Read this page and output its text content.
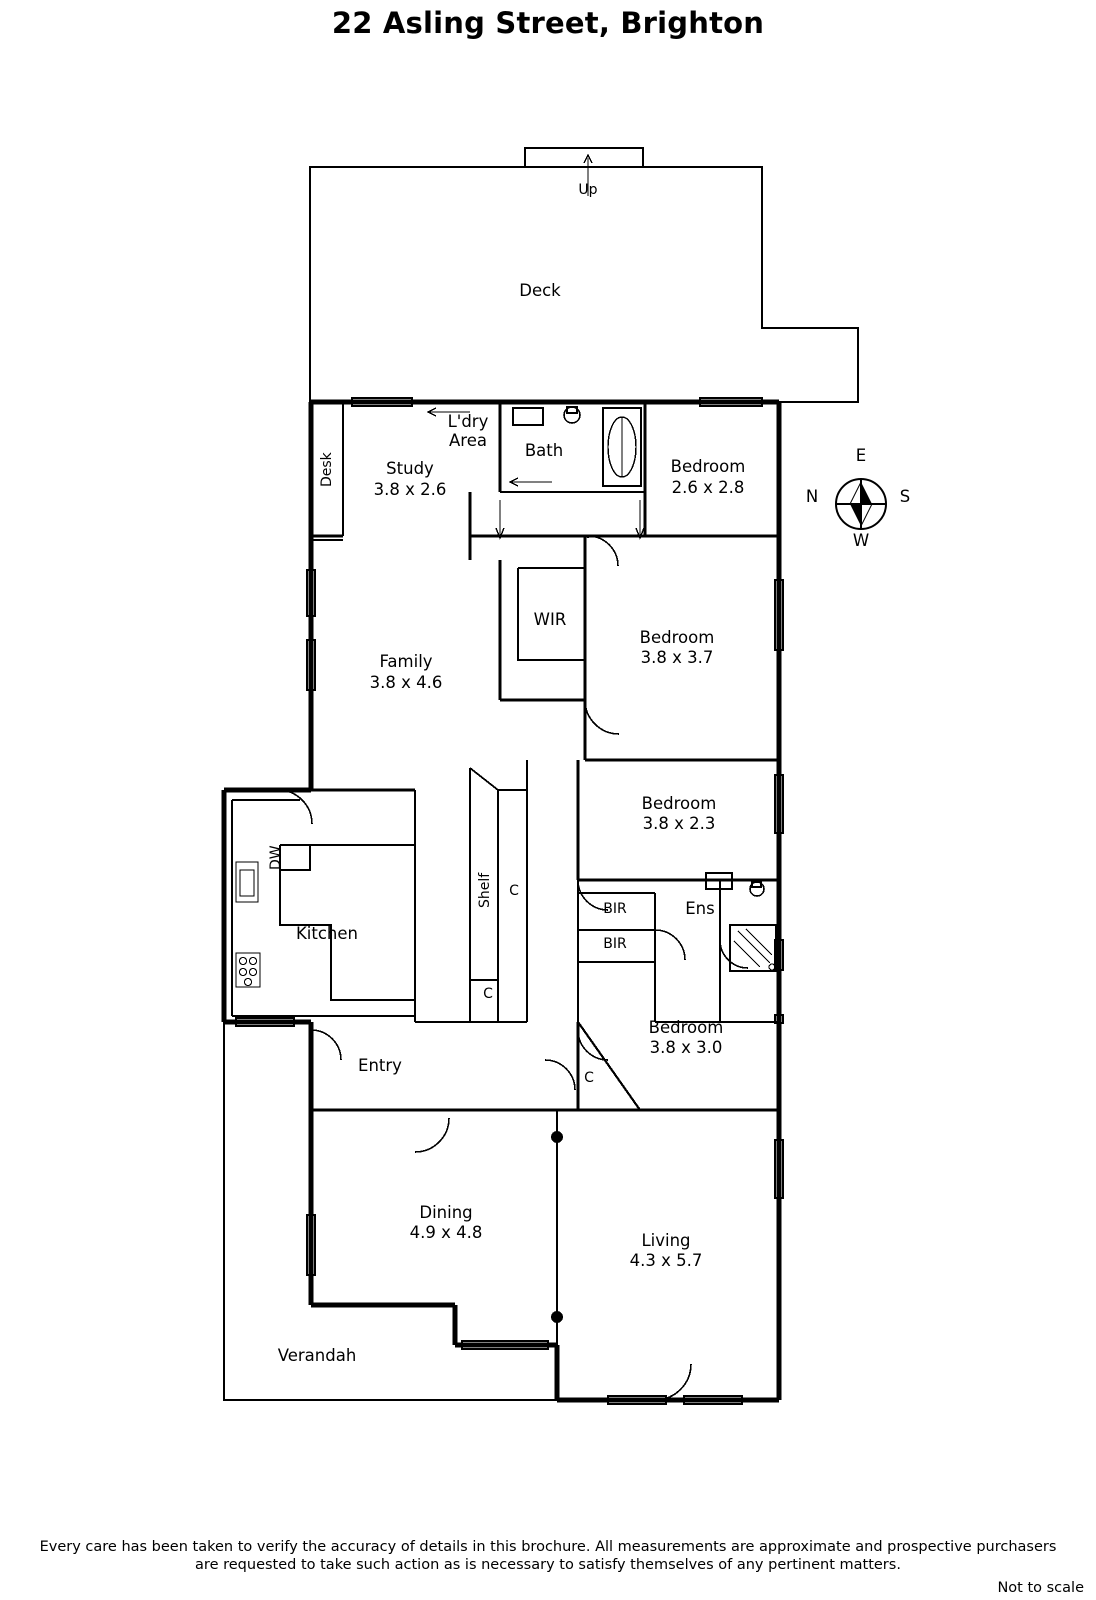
22 Asling Street, Brighton
Deck
Up
L'dry
Area
Bath
Study
3.8 x 2.6
Bedroom
2.6 x 2.8
Desk
WIR
Family
3.8 x 4.6
Bedroom
3.8 x 3.7
Bedroom
3.8 x 2.3
Kitchen
DW
Shelf	C
C
BIR
BIR
Ens
Entry
C
Bedroom
3.8 x 3.0
Dining
4.9 x 4.8	Living
4.3 x 5.7
Verandah
E
N	S
W
Every care has been taken to verify the accuracy of details in this brochure. All measurements are approximate and prospective purchasers
are requested to take such action as is necessary to satisfy themselves of any pertinent matters.
Not to scale
